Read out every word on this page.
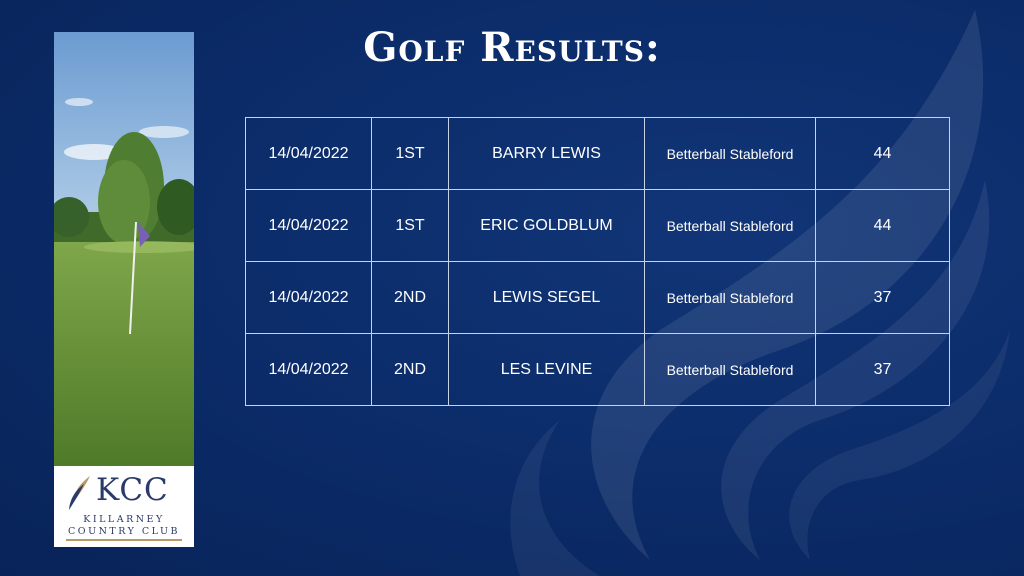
Golf Results:
KCC
KILLARNEY
COUNTRY CLUB
14/04/2022	1ST	BARRY LEWIS	Betterball Stableford	44
14/04/2022	1ST	ERIC GOLDBLUM	Betterball Stableford	44
14/04/2022	2ND	LEWIS SEGEL	Betterball Stableford	37
14/04/2022	2ND	LES LEVINE	Betterball Stableford	37
